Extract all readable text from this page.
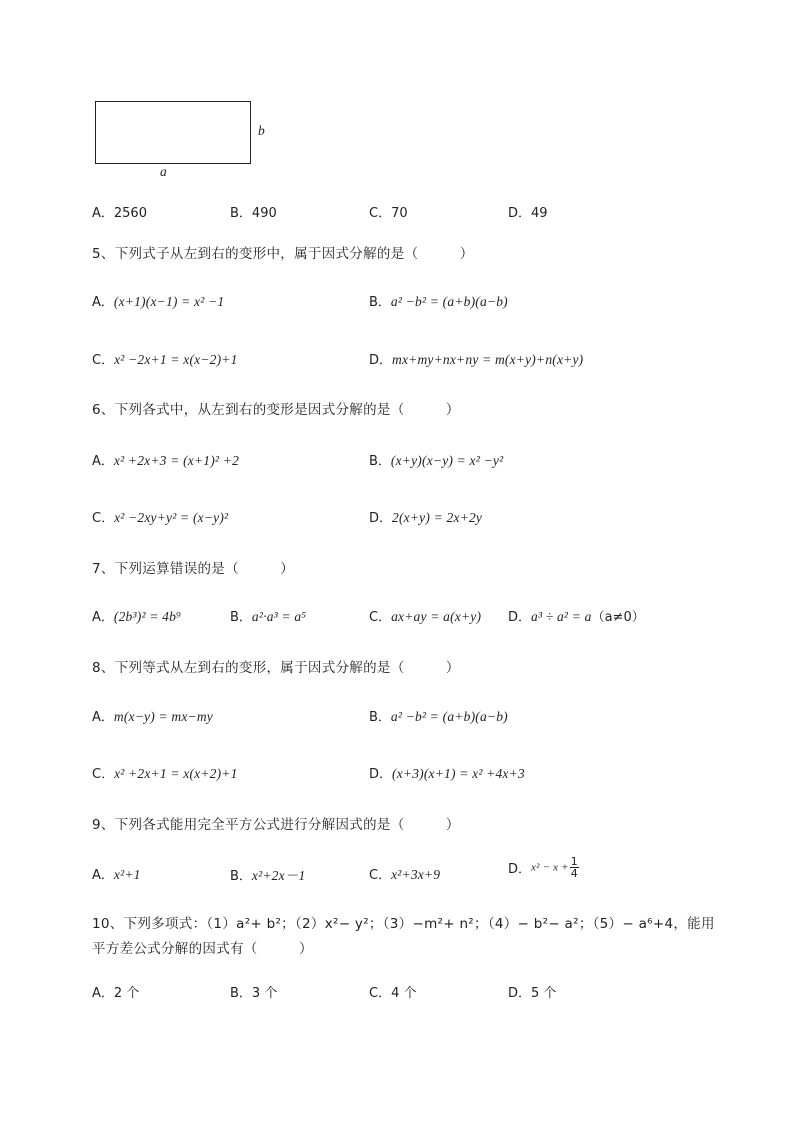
b
a
A．2560	B．490	C．70	D．49
5、下列式子从左到右的变形中，属于因式分解的是（　　　）
A．(x+1)(x−1) = x² −1	B．a² −b² = (a+b)(a−b)
C．x² −2x+1 = x(x−2)+1	D．mx+my+nx+ny = m(x+y)+n(x+y)
6、下列各式中，从左到右的变形是因式分解的是（　　　）
A．x² +2x+3 = (x+1)² +2	B．(x+y)(x−y) = x² −y²
C．x² −2xy+y² = (x−y)²	D．2(x+y) = 2x+2y
7、下列运算错误的是（　　　）
A．(2b³)² = 4b⁹	B．a²·a³ = a⁵	C．ax+ay = a(x+y) D．a³ ÷ a² = a（a≠0）
8、下列等式从左到右的变形，属于因式分解的是（　　　）
A．m(x−y) = mx−my	B．a² −b² = (a+b)(a−b)
C．x² +2x+1 = x(x+2)+1	D．(x+3)(x+1) = x² +4x+3
9、下列各式能用完全平方公式进行分解因式的是（　　　）
A．x²+1	B．x²+2x－1	C．x²+3x+9	D．$x^2 - x + \frac{1}{4}$
10、下列多项式：（1）a²+ b²；（2）x²− y²；（3）−m²+ n²；（4）− b²− a²；（5）− a⁶+4，能用
平方差公式分解的因式有（　　　）
A．2 个	B．3 个	C．4 个	D．5 个
